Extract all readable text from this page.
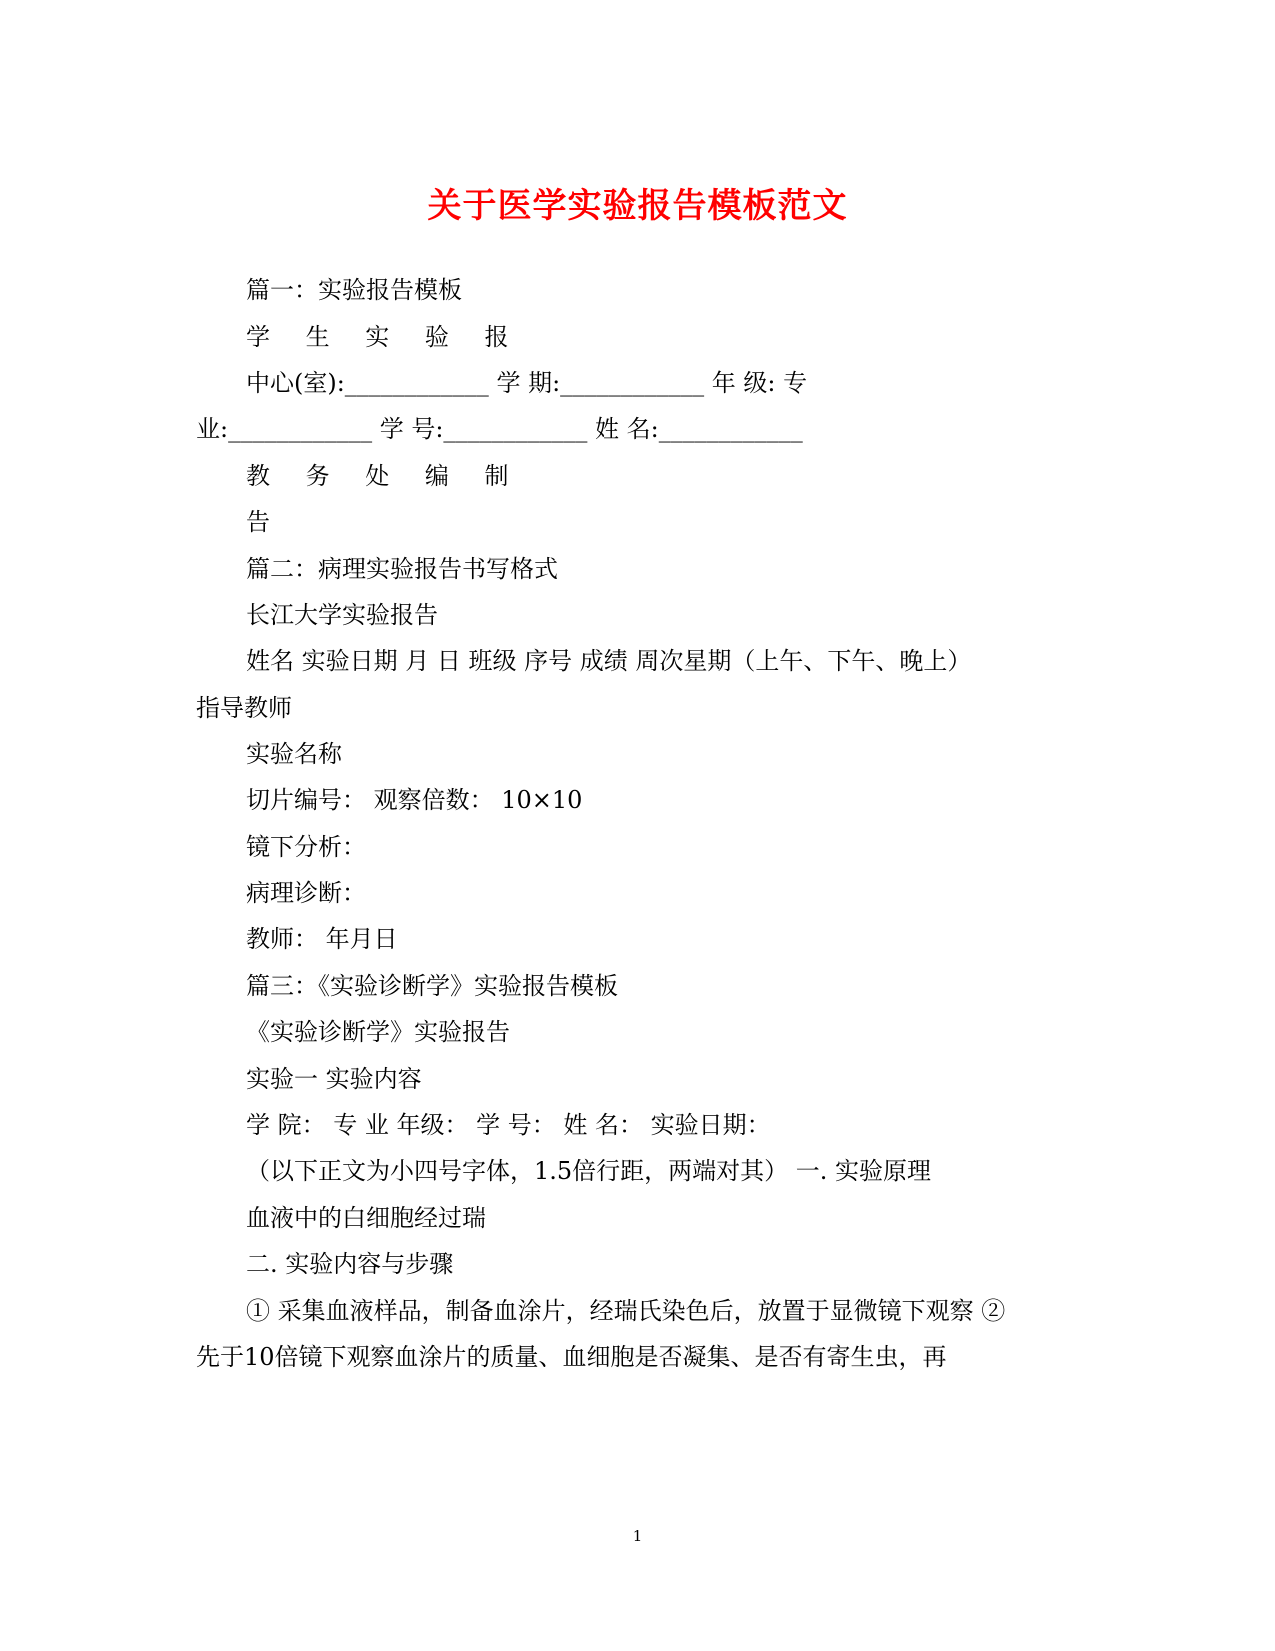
关于医学实验报告模板范文
篇一：实验报告模板
学 生 实 验 报
中心(室):____________ 学 期:____________ 年 级: 专
业:____________ 学 号:____________ 姓 名:____________
教 务 处 编 制
告
篇二：病理实验报告书写格式
长江大学实验报告
姓名 实验日期 月 日 班级 序号 成绩 周次星期（上午、下午、晚上）
指导教师
实验名称
切片编号： 观察倍数： 10×10
镜下分析：
病理诊断：
教师： 年月日
篇三：《实验诊断学》实验报告模板
《实验诊断学》实验报告
实验一 实验内容
学 院： 专 业 年级： 学 号： 姓 名： 实验日期：
（以下正文为小四号字体，1.5倍行距，两端对其） 一. 实验原理
血液中的白细胞经过瑞
二. 实验内容与步骤
① 采集血液样品，制备血涂片，经瑞氏染色后，放置于显微镜下观察 ②
先于10倍镜下观察血涂片的质量、血细胞是否凝集、是否有寄生虫，再
1
